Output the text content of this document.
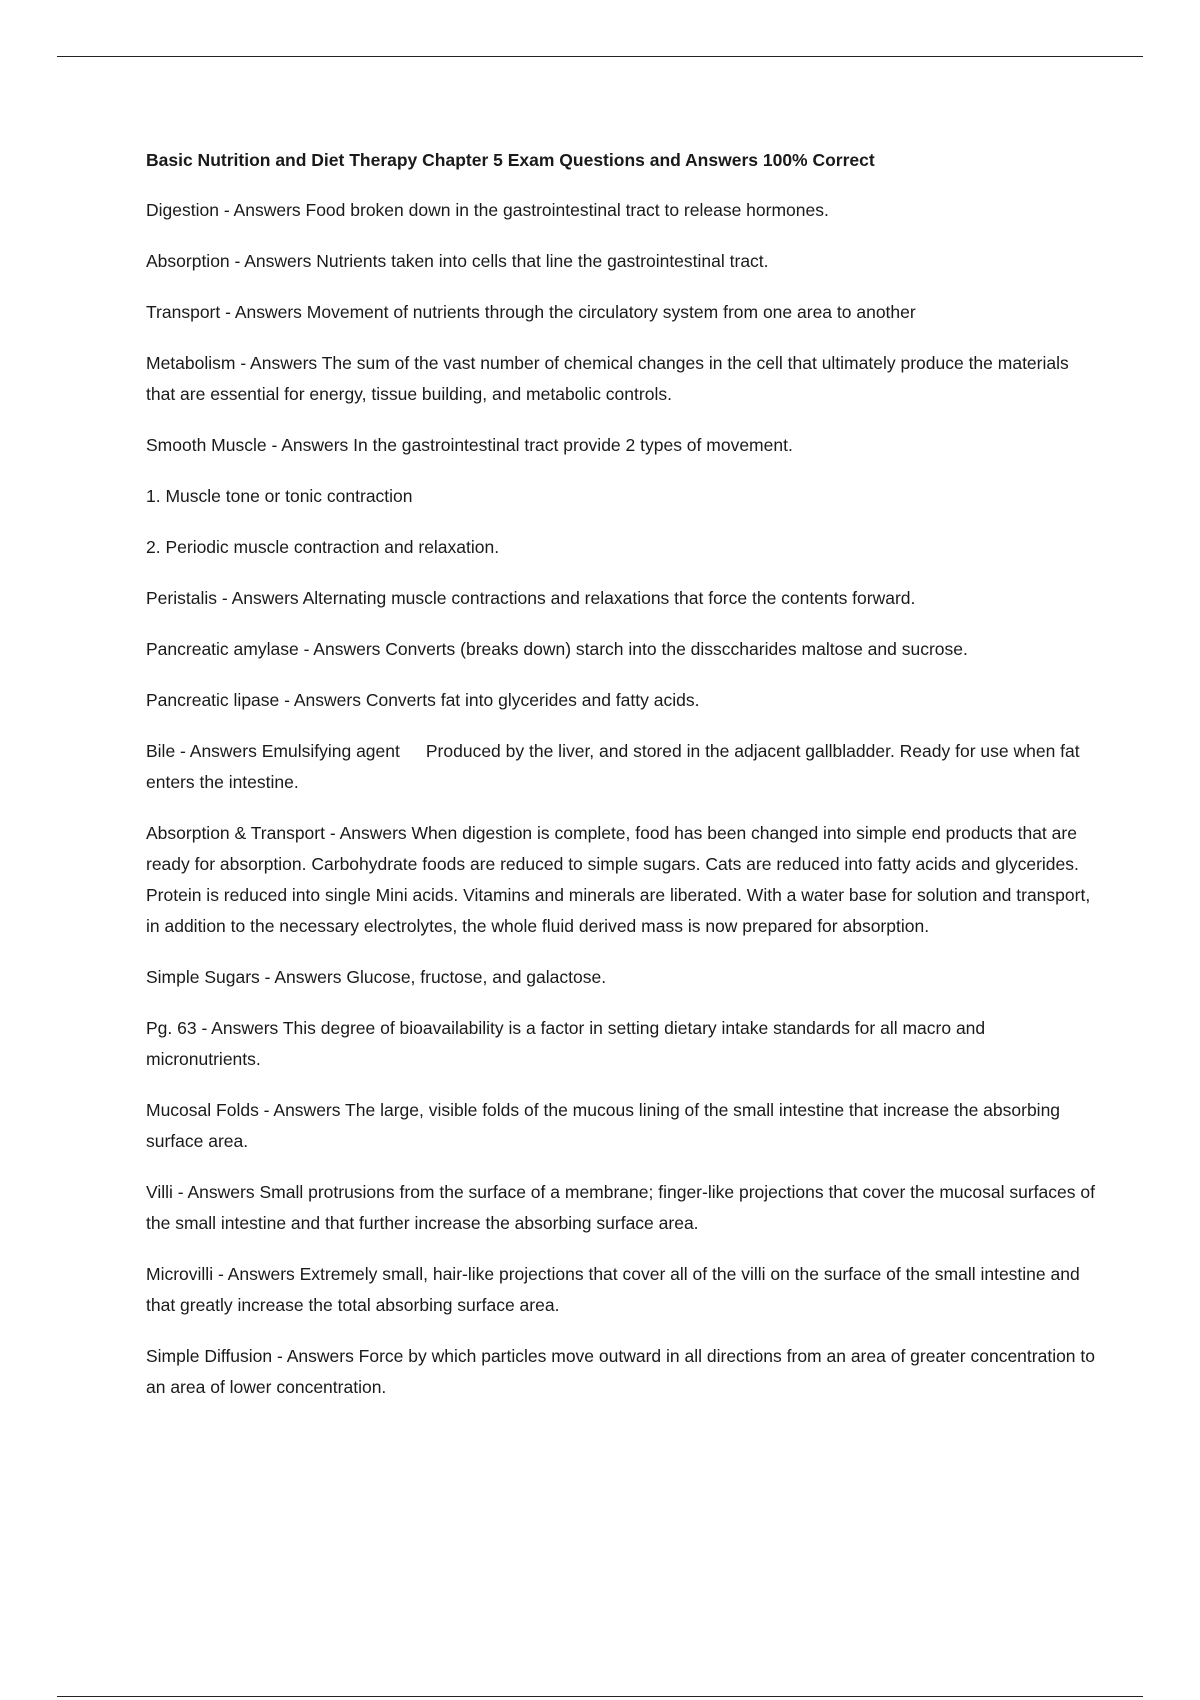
Basic Nutrition and Diet Therapy Chapter 5 Exam Questions and Answers 100% Correct

Digestion - Answers Food broken down in the gastrointestinal tract to release hormones.

Absorption - Answers Nutrients taken into cells that line the gastrointestinal tract.

Transport - Answers Movement of nutrients through the circulatory system from one area to another

Metabolism - Answers The sum of the vast number of chemical changes in the cell that ultimately produce the materials that are essential for energy, tissue building, and metabolic controls.

Smooth Muscle - Answers In the gastrointestinal tract provide 2 types of movement.

1. Muscle tone or tonic contraction

2. Periodic muscle contraction and relaxation.

Peristalis - Answers Alternating muscle contractions and relaxations that force the contents forward.

Pancreatic amylase - Answers Converts (breaks down) starch into the dissccharides maltose and sucrose.

Pancreatic lipase - Answers Converts fat into glycerides and fatty acids.

Bile - Answers Emulsifying agent Produced by the liver, and stored in the adjacent gallbladder. Ready for use when fat enters the intestine.

Absorption & Transport - Answers When digestion is complete, food has been changed into simple end products that are ready for absorption. Carbohydrate foods are reduced to simple sugars. Cats are reduced into fatty acids and glycerides. Protein is reduced into single Mini acids. Vitamins and minerals are liberated. With a water base for solution and transport, in addition to the necessary electrolytes, the whole fluid derived mass is now prepared for absorption.

Simple Sugars - Answers Glucose, fructose, and galactose.

Pg. 63 - Answers This degree of bioavailability is a factor in setting dietary intake standards for all macro and micronutrients.

Mucosal Folds - Answers The large, visible folds of the mucous lining of the small intestine that increase the absorbing surface area.

Villi - Answers Small protrusions from the surface of a membrane; finger-like projections that cover the mucosal surfaces of the small intestine and that further increase the absorbing surface area.

Microvilli - Answers Extremely small, hair-like projections that cover all of the villi on the surface of the small intestine and that greatly increase the total absorbing surface area.

Simple Diffusion - Answers Force by which particles move outward in all directions from an area of greater concentration to an area of lower concentration.
